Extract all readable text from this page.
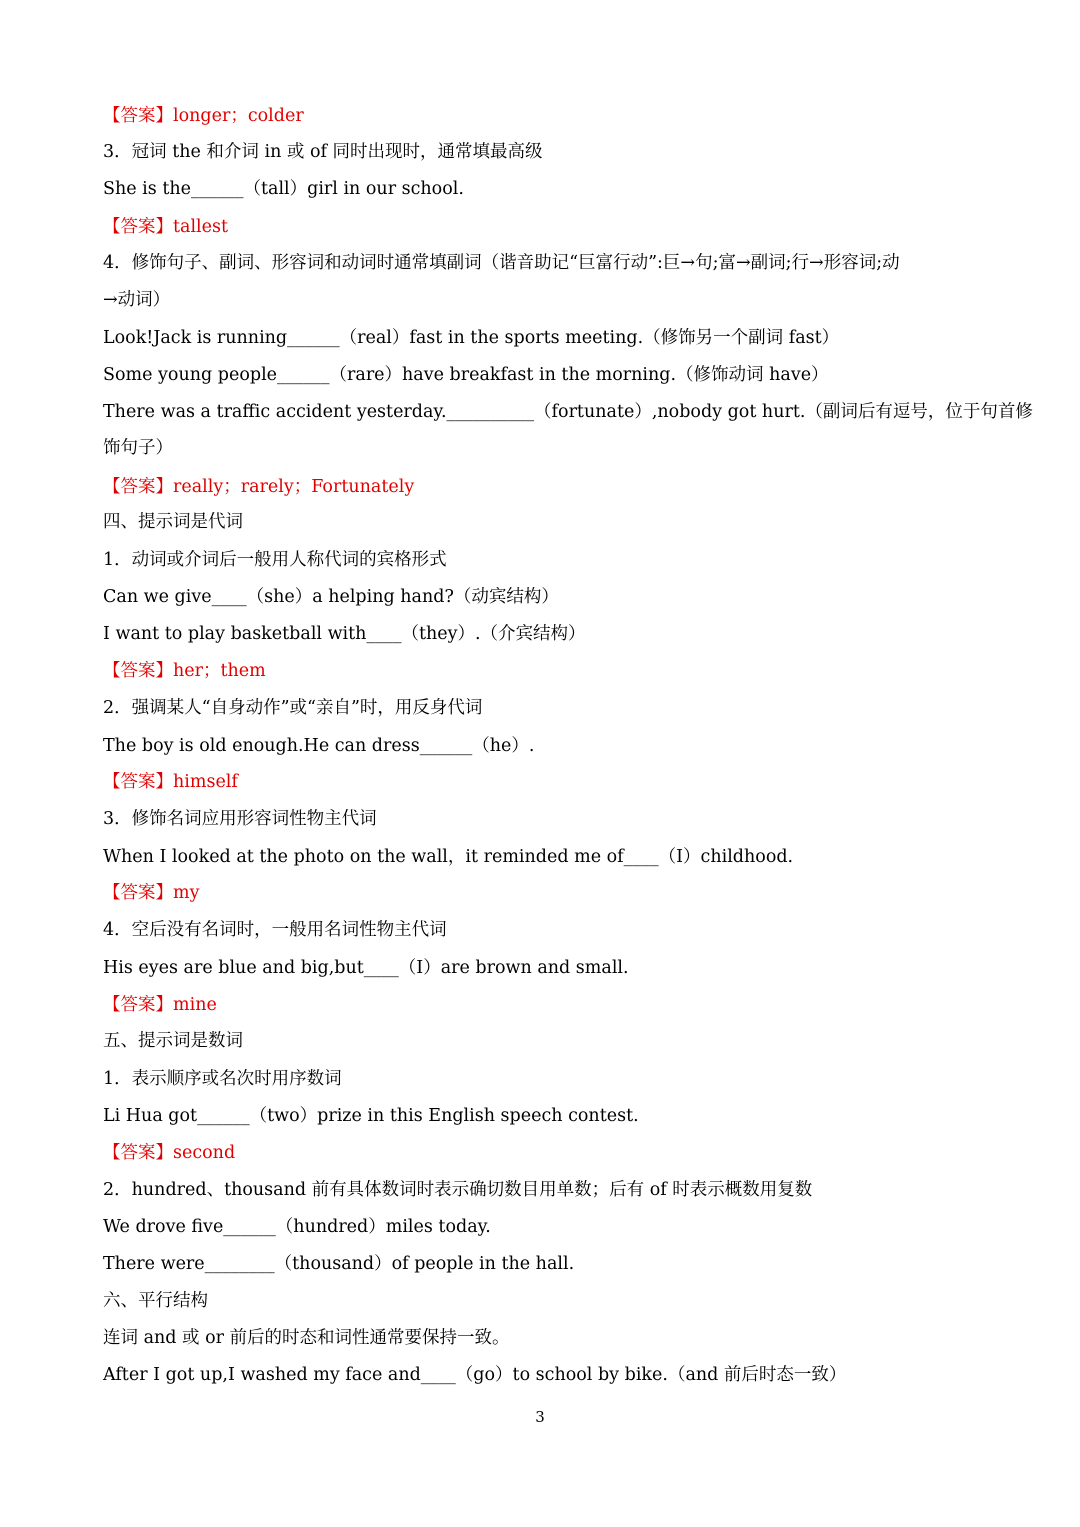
【答案】longer；colder
3．冠词 the 和介词 in 或 of 同时出现时，通常填最高级
She is the______（tall）girl in our school.
【答案】tallest
4．修饰句子、副词、形容词和动词时通常填副词（谐音助记“巨富行动”:巨→句;富→副词;行→形容词;动
→动词）
Look!Jack is running______（real）fast in the sports meeting.（修饰另一个副词 fast）
Some young people______（rare）have breakfast in the morning.（修饰动词 have）
There was a traffic accident yesterday.__________（fortunate）,nobody got hurt.（副词后有逗号，位于句首修
饰句子）
【答案】really；rarely；Fortunately
四、提示词是代词
1．动词或介词后一般用人称代词的宾格形式
Can we give____（she）a helping hand?（动宾结构）
I want to play basketball with____（they）.（介宾结构）
【答案】her；them
2．强调某人“自身动作”或“亲自”时，用反身代词
The boy is old enough.He can dress______（he）.
【答案】himself
3．修饰名词应用形容词性物主代词
When I looked at the photo on the wall，it reminded me of____（I）childhood.
【答案】my
4．空后没有名词时，一般用名词性物主代词
His eyes are blue and big,but____（I）are brown and small.
【答案】mine
五、提示词是数词
1．表示顺序或名次时用序数词
Li Hua got______（two）prize in this English speech contest.
【答案】second
2．hundred、thousand 前有具体数词时表示确切数目用单数；后有 of 时表示概数用复数
We drove five______（hundred）miles today.
There were________（thousand）of people in the hall.
六、平行结构
连词 and 或 or 前后的时态和词性通常要保持一致。
After I got up,I washed my face and____（go）to school by bike.（and 前后时态一致）
3
